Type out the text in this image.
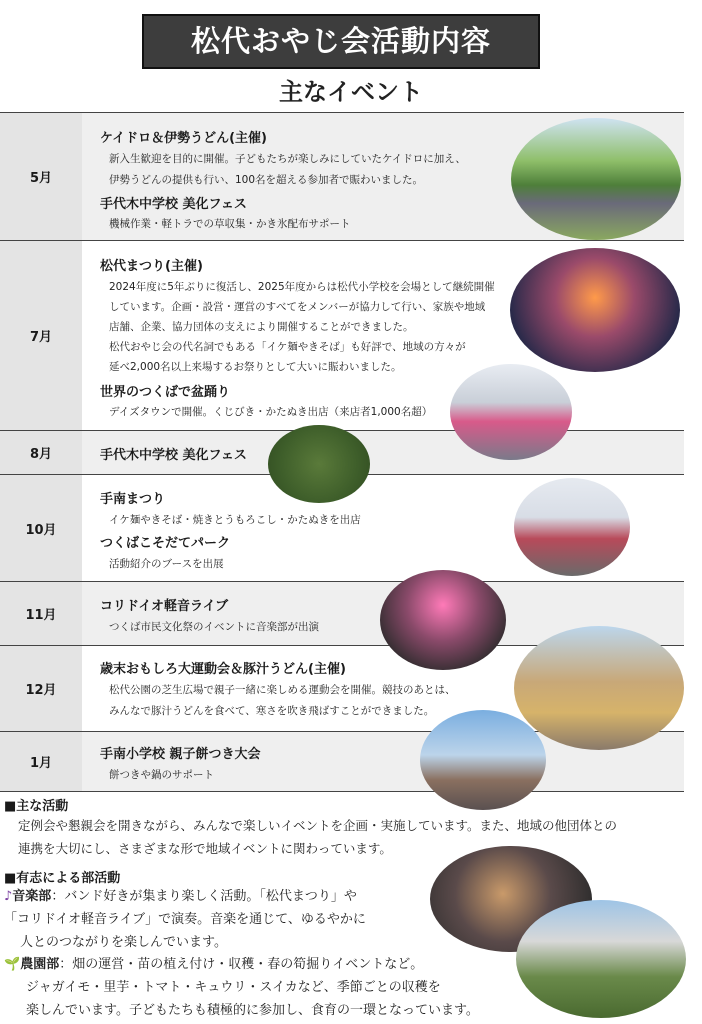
松代おやじ会活動内容
主なイベント
5月
ケイドロ＆伊勢うどん(主催)
新入生歓迎を目的に開催。子どもたちが楽しみにしていたケイドロに加え、
伊勢うどんの提供も行い、100名を超える参加者で賑わいました。
手代木中学校 美化フェス
機械作業・軽トラでの草収集・かき氷配布サポート
7月
松代まつり(主催)
2024年度に5年ぶりに復活し、2025年度からは松代小学校を会場として継続開催
しています。企画・設営・運営のすべてをメンバーが協力して行い、家族や地域
店舗、企業、協力団体の支えにより開催することができました。
松代おやじ会の代名詞でもある「イケ麺やきそば」も好評で、地域の方々が
延べ2,000名以上来場するお祭りとして大いに賑わいました。
世界のつくばで盆踊り
デイズタウンで開催。くじびき・かたぬき出店（来店者1,000名超）
8月	手代木中学校 美化フェス
10月
手南まつり
イケ麺やきそば・焼きとうもろこし・かたぬきを出店
つくばこそだてパーク
活動紹介のブースを出展
11月
コリドイオ軽音ライブ
つくば市民文化祭のイベントに音楽部が出演
12月
歳末おもしろ大運動会＆豚汁うどん(主催)
松代公園の芝生広場で親子一緒に楽しめる運動会を開催。競技のあとは、
みんなで豚汁うどんを食べて、寒さを吹き飛ばすことができました。
1月
手南小学校 親子餅つき大会
餅つきや鍋のサポート
■主な活動
定例会や懇親会を開きながら、みんなで楽しいイベントを企画・実施しています。また、地域の他団体との
連携を大切にし、さまざまな形で地域イベントに関わっています。
■有志による部活動
♪音楽部：バンド好きが集まり楽しく活動。「松代まつり」や
「コリドイオ軽音ライブ」で演奏。音楽を通じて、ゆるやかに
人とのつながりを楽しんでいます。
🌱農園部：畑の運営・苗の植え付け・収穫・春の筍掘りイベントなど。
ジャガイモ・里芋・トマト・キュウリ・スイカなど、季節ごとの収穫を
楽しんでいます。子どもたちも積極的に参加し、食育の一環となっています。
